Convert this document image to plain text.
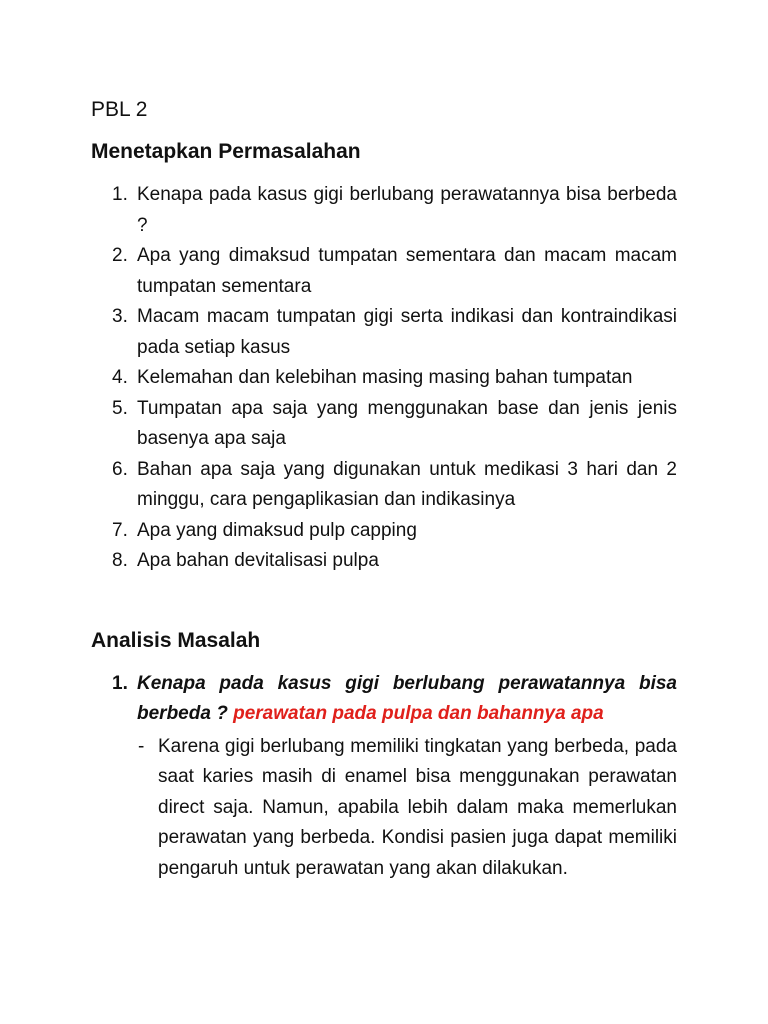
PBL 2
Menetapkan Permasalahan
1. Kenapa pada kasus gigi berlubang perawatannya bisa berbeda ?
2. Apa yang dimaksud tumpatan sementara dan macam macam tumpatan sementara
3. Macam macam tumpatan gigi serta indikasi dan kontraindikasi pada setiap kasus
4. Kelemahan dan kelebihan masing masing bahan tumpatan
5. Tumpatan apa saja yang menggunakan base dan jenis jenis basenya apa saja
6. Bahan apa saja yang digunakan untuk medikasi 3 hari dan 2 minggu, cara pengaplikasian dan indikasinya
7. Apa yang dimaksud pulp capping
8. Apa bahan devitalisasi pulpa
Analisis Masalah
1. Kenapa pada kasus gigi berlubang perawatannya bisa berbeda ? perawatan pada pulpa dan bahannya apa
- Karena gigi berlubang memiliki tingkatan yang berbeda, pada saat karies masih di enamel bisa menggunakan perawatan direct saja. Namun, apabila lebih dalam maka memerlukan perawatan yang berbeda. Kondisi pasien juga dapat memiliki pengaruh untuk perawatan yang akan dilakukan.
